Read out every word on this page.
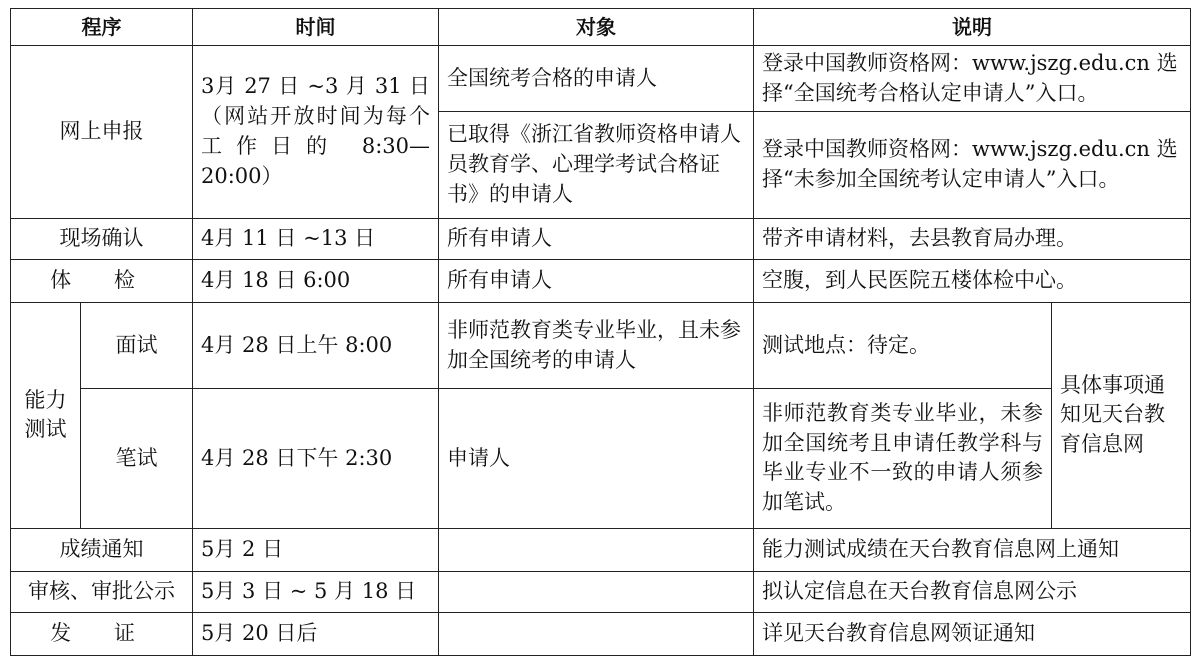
程序		时间	对象	说明	
网上申报		3月 27 日 ~3 月 31 日（网站开放时间为每个工作日的 8:30—20:00）	全国统考合格的申请人	登录中国教师资格网：www.jszg.edu.cn 选择“全国统考合格认定申请人”入口。	
			已取得《浙江省教师资格申请人员教育学、心理学考试合格证书》的申请人	登录中国教师资格网：www.jszg.edu.cn 选择“未参加全国统考认定申请人”入口。	
现场确认		4月 11 日 ~13 日	所有申请人	带齐申请材料，去县教育局办理。	
体 检		4月 18 日 6:00	所有申请人	空腹，到人民医院五楼体检中心。	
能力测试	面试	4月 28 日上午 8:00	非师范教育类专业毕业，且未参加全国统考的申请人	测试地点：待定。	具体事项通知见天台教育信息网
	笔试	4月 28 日下午 2:30	申请人	非师范教育类专业毕业，未参加全国统考且申请任教学科与毕业专业不一致的申请人须参加笔试。	
成绩通知		5月 2 日		能力测试成绩在天台教育信息网上通知	
审核、审批公示		5月 3 日 ~ 5 月 18 日		拟认定信息在天台教育信息网公示	
发 证		5月 20 日后		详见天台教育信息网领证通知	
